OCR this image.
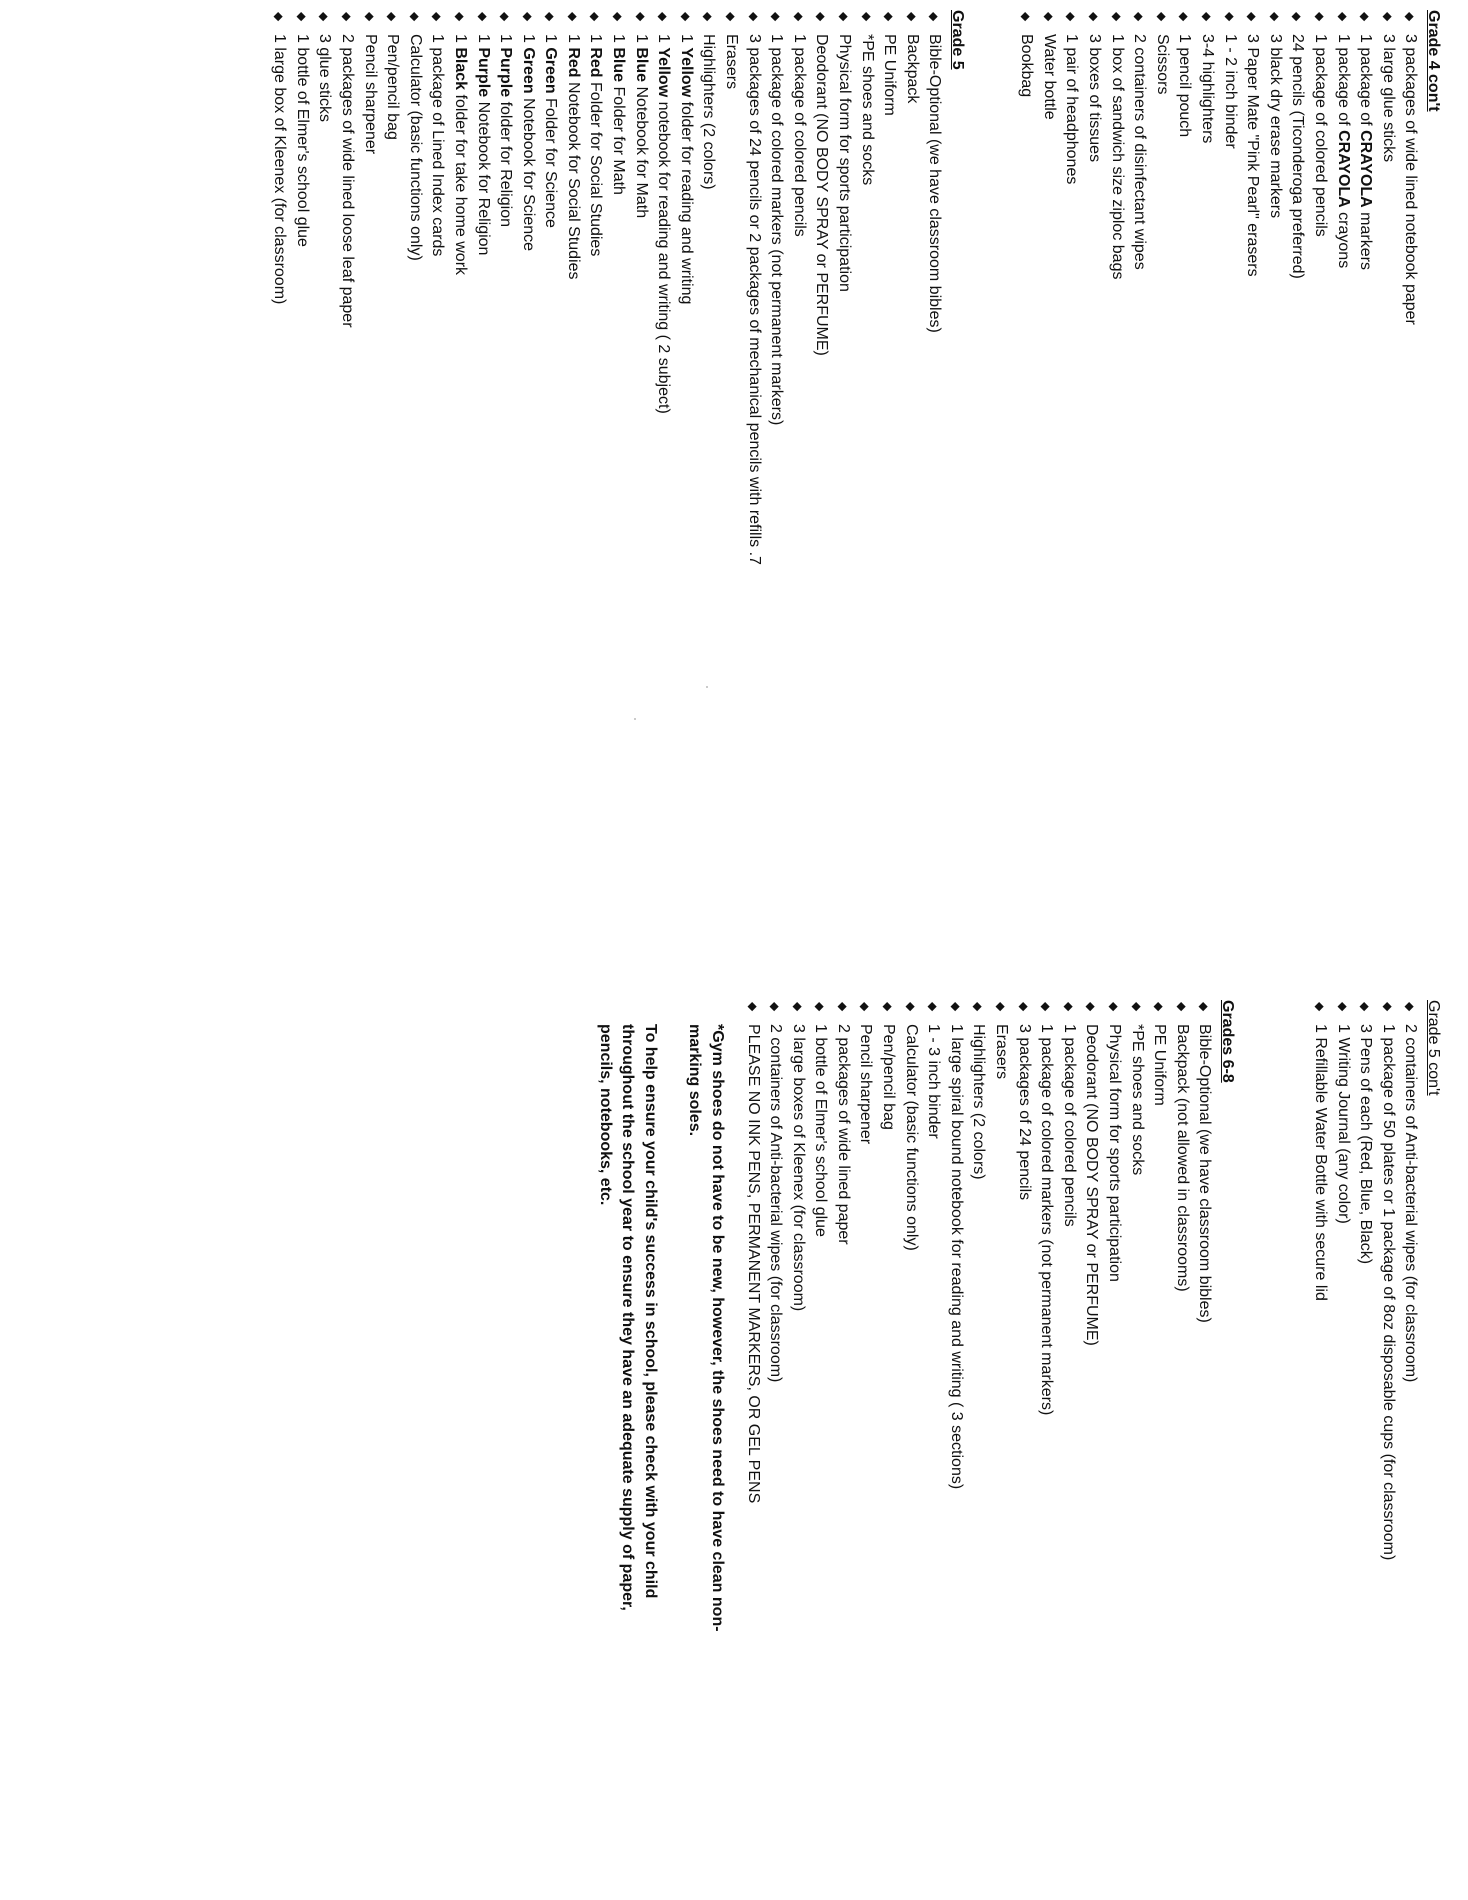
Grade 4 con't
◆
3 packages of wide lined notebook paper
◆
3 large glue sticks
◆
1 package of CRAYOLA markers
◆
1 package of CRAYOLA crayons
◆
1 package of colored pencils
◆
24 pencils (Ticonderoga preferred)
◆
3 black dry erase markers
◆
3 Paper Mate "Pink Pearl" erasers
◆
1 - 2 inch binder
◆
3-4 highlighters
◆
1 pencil pouch
◆
Scissors
◆
2 containers of disinfectant wipes
◆
1 box of sandwich size ziploc bags
◆
3 boxes of tissues
◆
1 pair of headphones
◆
Water bottle
◆
Bookbag
Grade 5
◆
Bible-Optional (we have classroom bibles)
◆
Backpack
◆
PE Uniform
◆
*PE shoes and socks
◆
Physical form for sports participation
◆
Deodorant (NO BODY SPRAY or PERFUME)
◆
1 package of colored pencils
◆
1 package of colored markers (not permanent markers)
◆
3 packages of 24 pencils or 2 packages of mechanical pencils with refills .7
◆
Erasers
◆
Highlighters (2 colors)
◆
1 Yellow folder for reading and writing
◆
1 Yellow notebook for reading and writing ( 2 subject)
◆
1 Blue Notebook for Math
◆
1 Blue Folder for Math
◆
1 Red Folder for Social Studies
◆
1 Red Notebook for Social Studies
◆
1 Green Folder for Science
◆
1 Green Notebook for Science
◆
1 Purple folder for Religion
◆
1 Purple Notebook for Religion
◆
1 Black folder for take home work
◆
1 package of Lined Index cards
◆
Calculator (basic functions only)
◆
Pen/pencil bag
◆
Pencil sharpener
◆
2 packages of wide lined loose leaf paper
◆
3 glue sticks
◆
1 bottle of Elmer's school glue
◆
1 large box of Kleenex (for classroom)
Grade 5 con't
◆
2 containers of Anti-bacterial wipes (for classroom)
◆
1 package of 50 plates or 1 package of 8oz disposable cups (for classroom)
◆
3 Pens of each (Red, Blue, Black)
◆
1 Writing Journal (any color)
◆
1 Refillable Water Bottle with secure lid
Grades 6-8
◆
Bible-Optional (we have classroom bibles)
◆
Backpack (not allowed in classrooms)
◆
PE Uniform
◆
*PE shoes and socks
◆
Physical form for sports participation
◆
Deodorant (NO BODY SPRAY or PERFUME)
◆
1 package of colored pencils
◆
1 package of colored markers (not permanent markers)
◆
3 packages of 24 pencils
◆
Erasers
◆
Highlighters (2 colors)
◆
1 large spiral bound notebook for reading and writing ( 3 sections)
◆
1 - 3 inch binder
◆
Calculator (basic functions only)
◆
Pen/pencil bag
◆
Pencil sharpener
◆
2 packages of wide lined paper
◆
1 bottle of Elmer's school glue
◆
3 large boxes of Kleenex (for classroom)
◆
2 containers of Anti-bacterial wipes (for classroom)
◆
PLEASE NO INK PENS, PERMANENT MARKERS, OR GEL PENS

*Gym shoes do not have to be new, however, the shoes need to have clean non-marking soles.

To help ensure your child's success in school, please check with your child throughout the school year to ensure they have an adequate supply of paper, pencils, notebooks, etc.
